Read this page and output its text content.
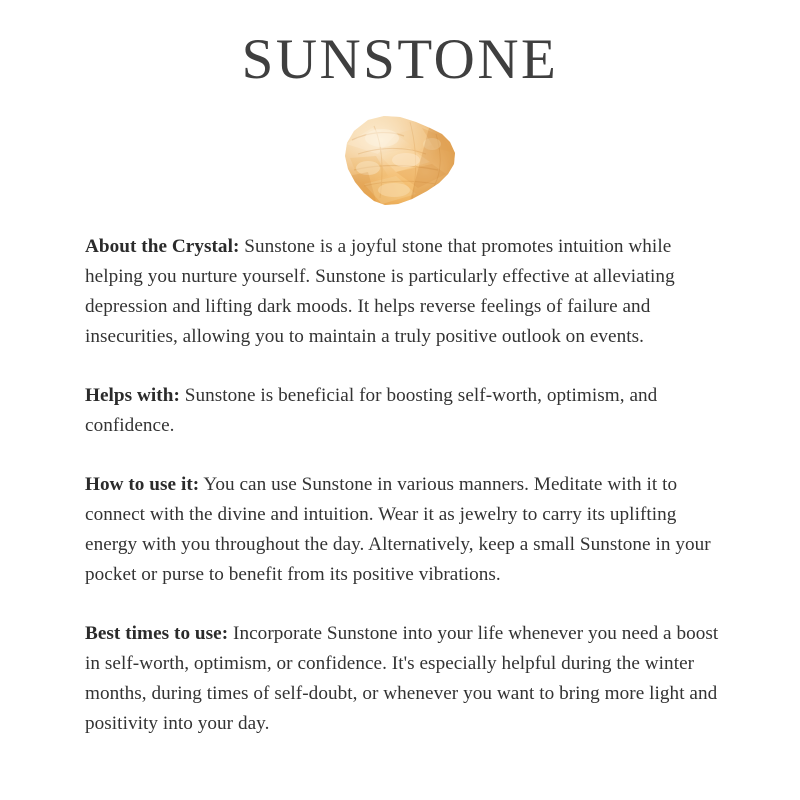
SUNSTONE

About the Crystal: Sunstone is a joyful stone that promotes intuition while helping you nurture yourself. Sunstone is particularly effective at alleviating depression and lifting dark moods. It helps reverse feelings of failure and insecurities, allowing you to maintain a truly positive outlook on events.

Helps with: Sunstone is beneficial for boosting self-worth, optimism, and confidence.

How to use it: You can use Sunstone in various manners. Meditate with it to connect with the divine and intuition. Wear it as jewelry to carry its uplifting energy with you throughout the day. Alternatively, keep a small Sunstone in your pocket or purse to benefit from its positive vibrations.

Best times to use: Incorporate Sunstone into your life whenever you need a boost in self-worth, optimism, or confidence. It's especially helpful during the winter months, during times of self-doubt, or whenever you want to bring more light and positivity into your day.
